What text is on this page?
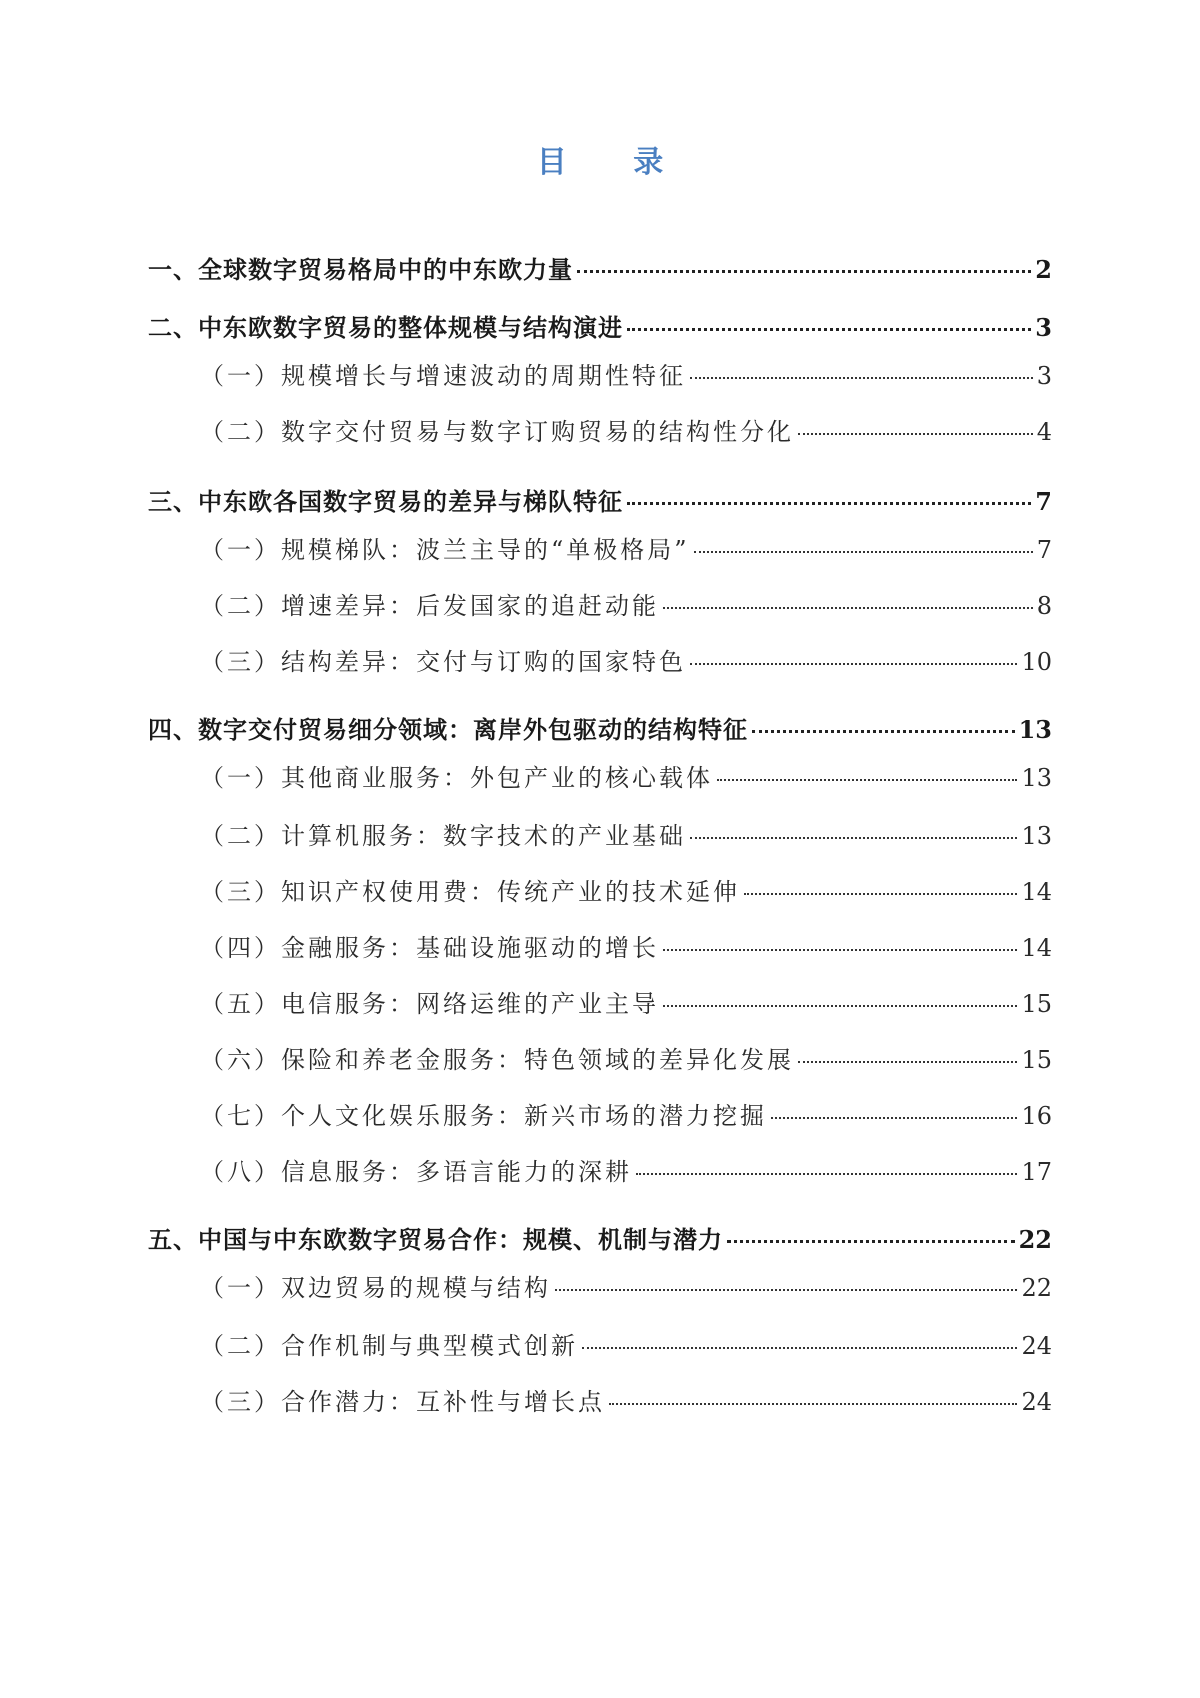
目 录
一、全球数字贸易格局中的中东欧力量	2
二、中东欧数字贸易的整体规模与结构演进	3
（一）规模增长与增速波动的周期性特征	3
（二）数字交付贸易与数字订购贸易的结构性分化	4
三、中东欧各国数字贸易的差异与梯队特征	7
（一）规模梯队：波兰主导的“单极格局”	7
（二）增速差异：后发国家的追赶动能	8
（三）结构差异：交付与订购的国家特色	10
四、数字交付贸易细分领域：离岸外包驱动的结构特征	13
（一）其他商业服务：外包产业的核心载体	13
（二）计算机服务：数字技术的产业基础	13
（三）知识产权使用费：传统产业的技术延伸	14
（四）金融服务：基础设施驱动的增长	14
（五）电信服务：网络运维的产业主导	15
（六）保险和养老金服务：特色领域的差异化发展	15
（七）个人文化娱乐服务：新兴市场的潜力挖掘	16
（八）信息服务：多语言能力的深耕	17
五、中国与中东欧数字贸易合作：规模、机制与潜力	22
（一）双边贸易的规模与结构	22
（二）合作机制与典型模式创新	24
（三）合作潜力：互补性与增长点	24
